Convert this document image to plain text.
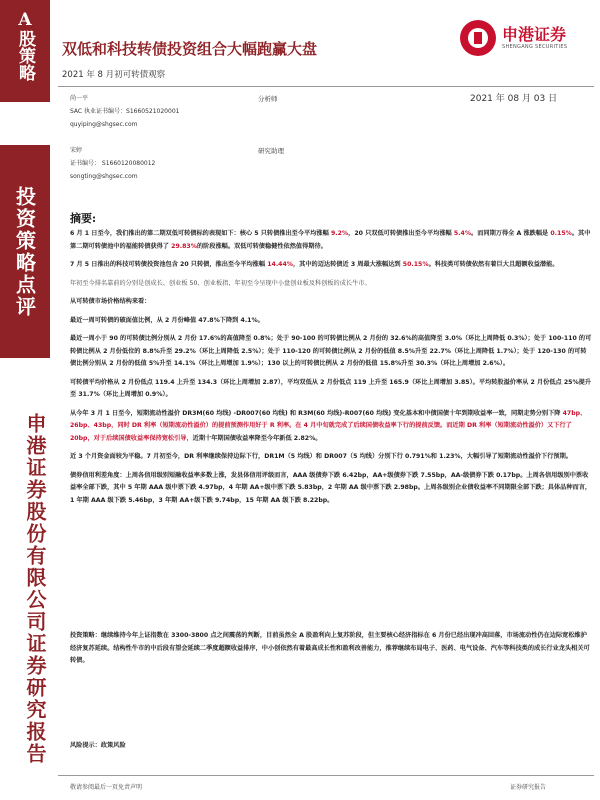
A股策略
投资策略点评
申港证券股份有限公司证券研究报告
双低和科技转债投资组合大幅跑赢大盘
2021 年 8 月初可转债观察
申港证券
SHENGANG SECURITIES
2021 年 08 月 03 日
尚一平
SAC 执业证书编号：S1660521020001
quyiping@shgsec.com
分析师
宋婷
证书编号： S1660120080012
songting@shgsec.com
研究助理
摘要:

6 月 1 日至今，我们推出的第二期双低可转债标的表现如下：核心 5 只转债推出至今平均涨幅 9.2%，20 只双低可转债推出至今平均涨幅 5.4%。而同期万得全 A 涨跌幅是 0.15%。其中第二期可转债池中的福能转债获得了 29.83%的阶段涨幅。双低可转债稳健性依然值得期待。

7 月 5 日推出的科技可转债投资池包含 20 只转债，推出至今平均涨幅 14.44%，其中的迈达转债近 3 周最大涨幅达到 50.15%。科技类可转债依然有着巨大且超额收益潜能。

年初至今排名靠前的分别是创成长、创业板 50、创业板指，年初至今呈现中小盘创业板及科创板的成长牛市。

从可转债市场价格结构来看：

最近一周可转债的破面值比例，从 2 月份峰值 47.8%下降到 4.1%。

最近一周小于 90 的可转债比例分别从 2 月份 17.6%的高值降至 0.8%；处于 90-100 的可转债比例从 2 月份的 32.6%的高值降至 3.0%（环比上周降低 0.3%）；处于 100-110 的可转债比例从 2 月份低位的 8.8%升至 29.2%（环比上周降低 2.5%）；处于 110-120 的可转债比例从 2 月份的低值 8.5%升至 22.7%（环比上周降低 1.7%）；处于 120-130 的可转债比例分别从 2 月份的低值 5%升至 14.1%（环比上周增加 1.9%）；130 以上的可转债比例从 2 月份的低值 15.8%升至 30.3%（环比上周增加 2.6%）。

可转债平均价格从 2 月份低点 119.4 上升至 134.3（环比上周增加 2.87），平均双低从 2 月份低点 119 上升至 165.9（环比上周增加 3.85）。平均转股溢价率从 2 月份低点 25%提升至 31.7%（环比上周增加 0.9%）。

从今年 3 月 1 日至今，短期流动性溢价 DR3M(60 均线) -DR007(60 均线) 和 R3M(60 均线)-R007(60 均线) 变化基本和中债国债十年到期收益率一致，同期走势分别下降 47bp、26bp、43bp，同时 DR 利率（短期流动性溢价）的提前预测作用好于 R 利率。在 4 月中旬就完成了后续国债收益率下行的提前反馈。而近期 DR 利率（短期流动性溢价）又下行了 20bp，对于后续国债收益率保持宽松引导，近期十年期国债收益率降至今年新低 2.82%。

近 3 个月资金面较为平稳。7 月初至今，DR 利率继续保持边际下行，DR1M（5 均线）和 DR007（5 均线）分别下行 0.791%和 1.23%，大幅引导了短期流动性溢价下行预期。

债券信用利差角度：上周各信用级别短融收益率多数上涨，发县体信用评级而言，AAA 级债券下跌 6.42bp，AA+级债券下跌 7.55bp，AA-级债券下跌 0.17bp。上周各信用级别中票收益率全部下跌，其中 5 年期 AAA 级中票下跌 4.97bp，4 年期 AA+级中票下跌 5.83bp，2 年期 AA 级中票下跌 2.98bp。上周各级别企业债收益率不同期限全部下跌；具体品种而言，1 年期 AAA 级下跌 5.46bp，3 年期 AA+级下跌 9.74bp，15 年期 AA 级下跌 8.22bp。

投资策略：继续维持今年上证指数在 3300-3800 点之间震荡的判断，目前虽然全 A 股盈利向上复苏阶段，但主要核心经济指标在 6 月份已经出现冲高回落，市场流动性仍在边际宽松维护经济复苏延续。结构性牛市的中后段有望会延续二季度超额收益排序，中小创依然有着最高成长性和盈利改善能力，推荐继续布局电子、医药、电气设备、汽车等科技类的成长行业龙头相关可转债。

风险提示：政策风险

敬请参阅最后一页免责声明	证券研究报告
